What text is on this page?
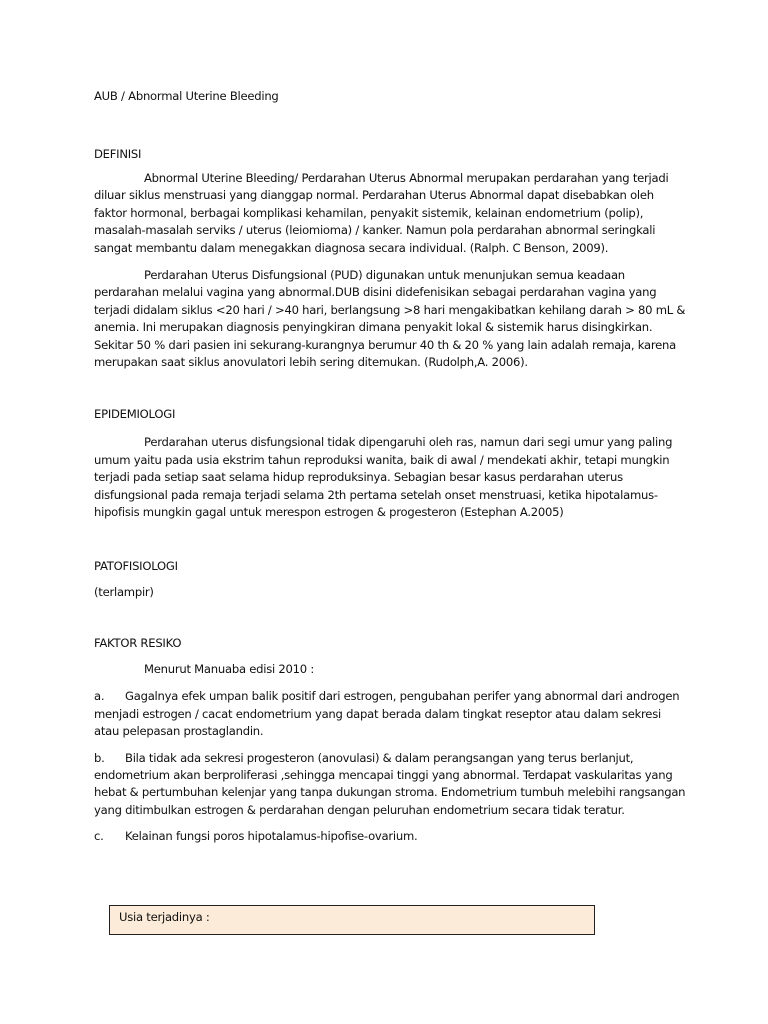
AUB / Abnormal Uterine Bleeding

DEFINISI

Abnormal Uterine Bleeding/ Perdarahan Uterus Abnormal merupakan perdarahan yang terjadi diluar siklus menstruasi yang dianggap normal. Perdarahan Uterus Abnormal dapat disebabkan oleh faktor hormonal, berbagai komplikasi kehamilan, penyakit sistemik, kelainan endometrium (polip), masalah-masalah serviks / uterus (leiomioma) / kanker. Namun pola perdarahan abnormal seringkali sangat membantu dalam menegakkan diagnosa secara individual. (Ralph. C Benson, 2009).

Perdarahan Uterus Disfungsional (PUD) digunakan untuk menunjukan semua keadaan perdarahan melalui vagina yang abnormal.DUB disini didefenisikan sebagai perdarahan vagina yang terjadi didalam siklus <20 hari / >40 hari, berlangsung >8 hari mengakibatkan kehilang darah > 80 mL & anemia. Ini merupakan diagnosis penyingkiran dimana penyakit lokal & sistemik harus disingkirkan. Sekitar 50 % dari pasien ini sekurang-kurangnya berumur 40 th & 20 % yang lain adalah remaja, karena merupakan saat siklus anovulatori lebih sering ditemukan. (Rudolph,A. 2006).

EPIDEMIOLOGI

Perdarahan uterus disfungsional tidak dipengaruhi oleh ras, namun dari segi umur yang paling umum yaitu pada usia ekstrim tahun reproduksi wanita, baik di awal / mendekati akhir, tetapi mungkin terjadi pada setiap saat selama hidup reproduksinya. Sebagian besar kasus perdarahan uterus disfungsional pada remaja terjadi selama 2th pertama setelah onset menstruasi, ketika hipotalamus-hipofisis mungkin gagal untuk merespon estrogen & progesteron (Estephan A.2005)

PATOFISIOLOGI

(terlampir)

FAKTOR RESIKO

Menurut Manuaba edisi 2010 :

a. Gagalnya efek umpan balik positif dari estrogen, pengubahan perifer yang abnormal dari androgen menjadi estrogen / cacat endometrium yang dapat berada dalam tingkat reseptor atau dalam sekresi atau pelepasan prostaglandin.

b. Bila tidak ada sekresi progesteron (anovulasi) & dalam perangsangan yang terus berlanjut, endometrium akan berproliferasi ,sehingga mencapai tinggi yang abnormal. Terdapat vaskularitas yang hebat & pertumbuhan kelenjar yang tanpa dukungan stroma. Endometrium tumbuh melebihi rangsangan yang ditimbulkan estrogen & perdarahan dengan peluruhan endometrium secara tidak teratur.

c. Kelainan fungsi poros hipotalamus-hipofise-ovarium.

Usia terjadinya :
